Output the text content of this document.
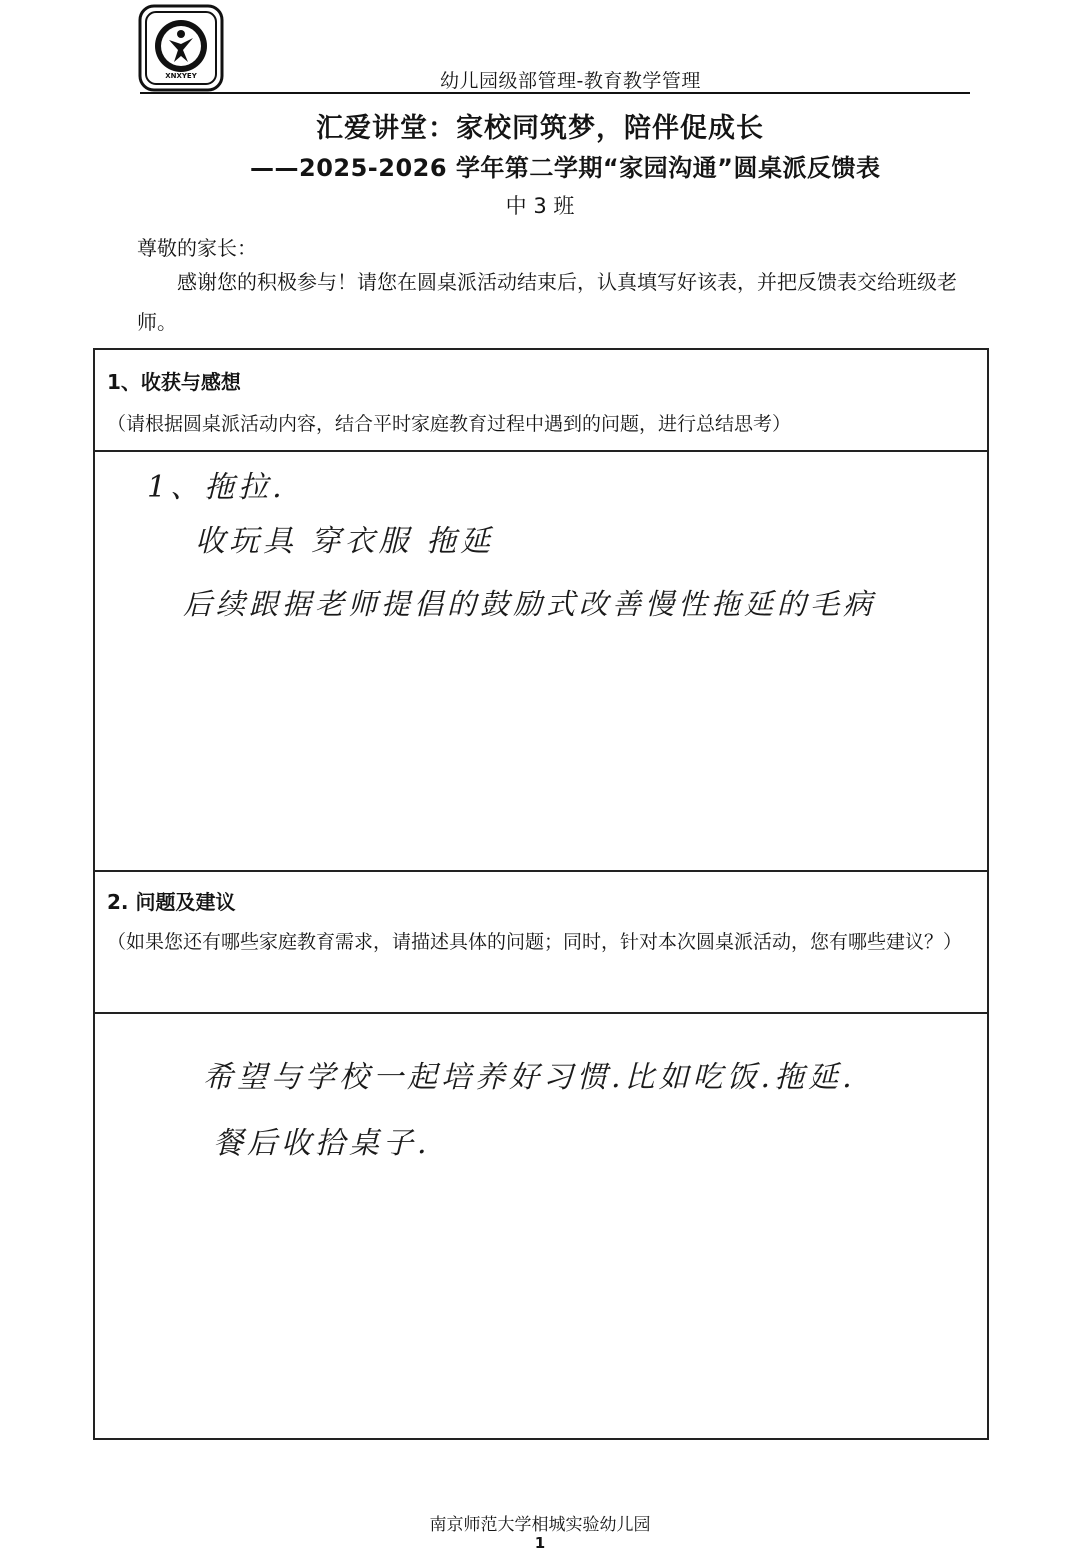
XNXYEY	幼儿园级部管理-教育教学管理
汇爱讲堂：家校同筑梦，陪伴促成长
——2025-2026 学年第二学期“家园沟通”圆桌派反馈表
中 3 班
尊敬的家长：
感谢您的积极参与！请您在圆桌派活动结束后，认真填写好该表，并把反馈表交给班级老师。
1、收获与感想
（请根据圆桌派活动内容，结合平时家庭教育过程中遇到的问题，进行总结思考）
1、拖拉.
收玩具 穿衣服 拖延
后续跟据老师提倡的鼓励式改善慢性拖延的毛病
2. 问题及建议
（如果您还有哪些家庭教育需求，请描述具体的问题；同时，针对本次圆桌派活动，您有哪些建议？）
希望与学校一起培养好习惯.比如吃饭.拖延.
餐后收拾桌子.
南京师范大学相城实验幼儿园
1
